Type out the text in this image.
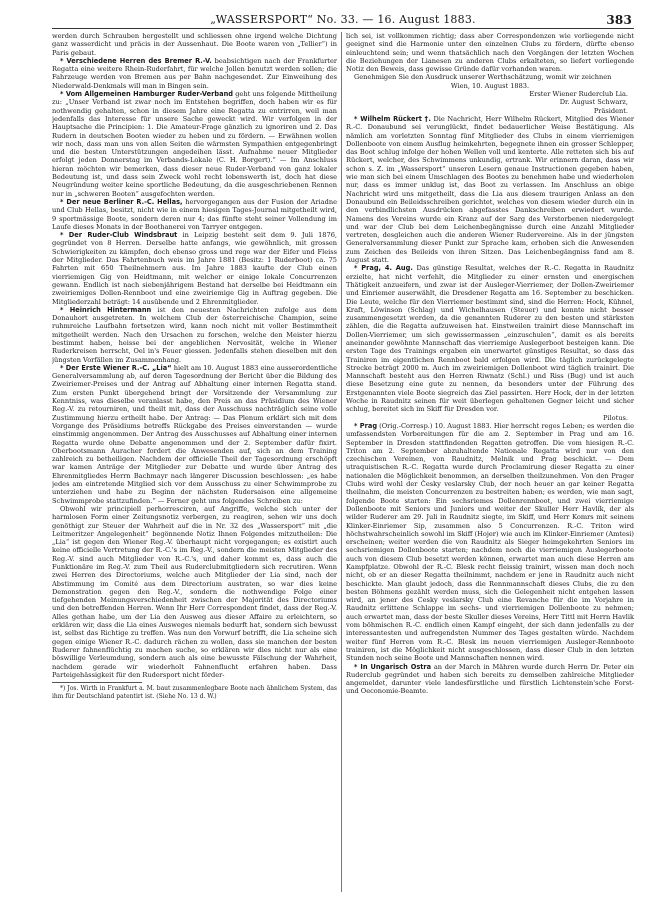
„WASSERSPORT“ No. 33. — 16. August 1883.	383

werden durch Schrauben hergestellt und schliessen ohne irgend welche Dichtung ganz wasserdicht und präcis in der Aussenhaut. Die Boote waren von „Tellier“) in Paris gebaut.

* Verschiedene Herren des Bremer R.-V. beabsichtigen nach der Frankfurter Regatta eine weitere Rhein-Ruderfahrt, für welche Jollen benutzt werden sollen; die Fahrzeuge werden von Bremen aus per Bahn nachgesendet. Zur Einweihung des Niederwald-Denkmals will man in Bingen sein.

* Vom Allgemeinen Hamburger Ruder-Verband geht uns folgende Mittheilung zu: „Unser Verband ist zwar noch im Entstehen begriffen, doch haben wir es für nothwendig gehalten, schon in diesem Jahre eine Regatta zu entrirren, weil man jedenfalls das Interesse für unsere Sache geweckt wird. Wir verfolgen in der Hauptsache die Principien: 1. Die Amateur-Frage gänzlich zu ignoriren und 2. Das Rudern in deutschen Booten wieder zu heben und zu fördern. — Erwähnen wollen wir noch, dass man uns von allen Seiten die wärmsten Sympathien entgegenbringt und die besten Unterstützungen angedeihen lässt. Aufnahme neuer Mitglieder erfolgt jeden Donnerstag im Verbands-Lokale (C. H. Borgert).“ — Im Anschluss hieran möchten wir bemerken, dass dieser neue Ruder-Verband von ganz lokaler Bedeutung ist, und dass sein Zweck wohl recht lobenswerth ist, doch hat diese Neugründung weiter keine sportliche Bedeutung, da die ausgeschriebenen Rennen nur in „schweren Booten“ ausgefochten werden.

* Der neue Berliner R.-C. Hellas, hervorgegangen aus der Fusion der Ariadne und Club Hellas, besitzt, nicht wie in einem hiesigen Tages-Journal mitgetheilt wird, 9 sportmässige Boote, sondern deren nur 4; das fünfte steht seiner Vollendung im Laufe dieses Monats in der Boothanerei von Tarryer entgegen.

* Der Ruder-Club Windsbraut in Leipzig besteht seit dem 9. Juli 1876, gegründet von 8 Herren. Derselbe hatte anfangs, wie gewöhnlich, mit grossen Schwierigkeiten zu kämpfen, doch ebenso gross und rege war der Eifer und Fleiss der Mitglieder. Das Fahrtenbuch weis im Jahre 1881 (Besitz: 1 Ruderboot) ca. 75 Fahrten mit 650 Theilnehmern aus. Im Jahre 1883 kaufte der Club einen vierriemigen Gig von Heidtmann, mit welcher er einige lokale Concurrenzen gewann. Endlich ist nach siebenjährigem Bestand hat derselbe bei Heidtmann ein zweiriemiges Dollen-Rennboot und eine zweiriemige Gig in Auftrag gegeben. Die Mitgliederzahl beträgt: 14 ausübende und 2 Ehrenmitglieder.

* Heinrich Hintermann ist den neuesten Nachrichten zufolge aus dem Donauhort ausgetreten. In welchem Club der österreichische Champion, seine ruhmreiche Laufbahn fortsetzen wird, kann noch nicht mit voller Bestimmtheit mitgetheilt werden. Nach den Ursachen zu forschen, welche den Meister hierzu bestimmt haben, heisse bei der angeblichen Nervosität, welche in Wiener Ruderkreisen herrscht, Oel in's Feuer giessen. Jedenfalls stehen dieselben mit den jüngsten Vorfällen im Zusammenhang.

* Der Erste Wiener R.-C. „Lia“ hielt am 10. August 1883 eine ausserordentliche Generalversammlung ab, auf deren Tagesordnung der Bericht über die Bildung des Zweiriemer-Preises und der Antrag auf Abhaltung einer internen Regatta stand. Zum ersten Punkt übergehend bringt der Vorsitzende der Versammlung zur Kenntniss, was dieselbe veranlasst habe, den Preis an das Präsidium des Wiener Reg.-V. zu retourniren, und theilt mit, dass der Ausschuss nachträglich seine volle Zustimmung hierzu ertheilt habe. Der Antrag: — Das Plenum erklärt sich mit dem Vorgange des Präsidiums betreffs Rückgabe des Preises einverstanden — wurde einstimmig angenommen. Der Antrag des Ausschusses auf Abhaltung einer internen Regatta wurde ohne Debatte angenommen und der 2. September dafür fixirt. Oberbootsmann Auracher fordert die Anwesenden auf, sich an dem Training zahlreich zu betheiligen. Nachdem der officielle Theil der Tagesordnung erschöpft war kamen Anträge der Mitglieder zur Debatte und wurde über Antrag des Ehrenmitgliedes Herrn Bachmayr nach längerer Discussion beschlossen: „es habe jedes am eintretende Mitglied sich vor dem Ausschuss zu einer Schwimmprobe zu unterziehen und habe zu Beginn der nächsten Rudersaison eine allgemeine Schwimmprobe stattzufinden.“ — Ferner geht uns folgendes Schreiben zu:

Obwohl wir principiell perhorresciren, auf Angriffe, welche sich unter der harmlosen Form einer Zeitungsnotiz verbergen, zu reagiren, sehen wir uns doch genöthigt zur Steuer der Wahrheit auf die in Nr. 32 des „Wassersport“ mit „die Leitmeritzer Angelegenheit“ begönnende Notiz Ihnen Folgendes mitzutheilen: Die „Lia“ ist gegen den Wiener Reg.-V. überhaupt nicht vorgegangen; es existirt auch keine officielle Vertretung der R.-C.'s im Reg.-V., sondern die meisten Mitglieder des Reg.-V. sind auch Mitglieder von R.-C.'s, und daher kommt es, dass auch die Funktionäre im Reg.-V. zum Theil aus Ruderclubmitgliedern sich recrutiren. Wenn zwei Herren des Directoriums, welche auch Mitglieder der Lia sind, nach der Abstimmung im Comité aus dem Directorium austraten, so war dies keine Demonstration gegen den Reg.-V., sondern die nothwendige Folge einer tiefgehenden Meinungsverschiedenheit zwischen der Majorität des Directoriums und den betreffenden Herren. Wenn Ihr Herr Correspondent findet, dass der Reg.-V. Alles gethan habe, um der Lia den Ausweg aus dieser Affaire zu erleichtern, so erklären wir, dass die Lia eines Ausweges niemals bedurft hat, sondern sich bewusst ist, selbst das Richtige zu treffen. Was nun den Vorwurf betrifft, die Lia scheine sich gegen einige Wiener R.-C. dadurch rächen zu wollen, dass sie manchen der besten Ruderer fahnenflüchtig zu machen suche, so erklären wir dies nicht nur als eine böswillige Verleumdung, sondern auch als eine bewusste Fälschung der Wahrheit, nachdem gerade wir wiederholt Fahnenflucht erfahren haben. Dass Parteigehässigkeit für den Rudersport nicht förder-

*) Jos. Wirth in Frankfurt a. M. baut zusammenlegbare Boote nach ähnlichem System, das ihm für Deutschland patentirt ist. (Siehe No. 13 d. W.)

lich sei, ist vollkommen richtig; dass aber Correspondenzen wie vorliegende nicht geeignet sind die Harmonie unter den einzelnen Clubs zu fördern, dürfte ebenso einleuchtend sein; und wenn thatsächlich nach den Vorgängen der letzten Wochen die Beziehungen der Lianesen zu anderen Clubs erkalteten, so liefert vorliegende Notiz den Beweis, dass gewisse Gründe dafür vorhanden waren.

Genehmigen Sie den Ausdruck unserer Werthschätzung, womit wir zeichnen

Wien, 10. August 1883.

Erster Wiener Ruderclub Lia.

Dr. August Schwarz,

Präsident.

* Wilhelm Rückert †. Die Nachricht, Herr Wilhelm Rückert, Mitglied des Wiener R.-C. Donaubund sei verunglückt, findet bedauerlicher Weise Bestätigung. Als nämlich am vorletzten Sonntag fünf Mitglieder des Clubs in einem vierriemigen Dollenboote von einem Ausflug heimkehrten, begegnete ihnen ein grosser Schlepper, das Boot schlug infolge der hohen Wellen voll und kenterte. Alle retteten sich bis auf Rückert, welcher, des Schwimmens unkundig, ertrank. Wir erinnern daran, dass wir schon s. Z. im „Wassersport“ unseren Lesern genaue Instructionen gegeben haben, wie man sich bei einem Umschlagen des Bootes zu benehmen habe und wiederholen nur, dass es immer unklug ist, das Boot zu verlassen. Im Anschluss an obige Nachricht wird uns mitgetheilt, dass die Lia aus diesem traurigen Anlass an den Donaubund ein Beileidsschreiben gerichtet, welches von diesem wieder durch ein in den verbindlichsten Ausdrücken abgefasstes Dankschreiben erwiedert wurde. Namens des Vereins wurde ein Kranz auf der Sarg des Verstorbenen niedergelegt und war der Club bei dem Leichenbegängnisse durch eine Anzahl Mitglieder vertreten, desgleichen auch die anderen Wiener Rudervereine. Als in der jüngsten Generalversammlung dieser Punkt zur Sprache kam, erhoben sich die Anwesenden zum Zeichen des Beileids von ihren Sitzen. Das Leichenbegängniss fand am 8. August statt.

* Prag, 4. Aug. Das günstige Resultat, welches der R.-C. Regatta in Raudnitz erzielte, hat nicht verfehlt, die Mitglieder zu einer ernsten und energischen Thätigkeit anzueifern, und zwar ist der Ausleger-Vierriemer, der Dollen-Zweiriemer und Einriemer auserwählt, die Dresdener Regatta am 16. September zu beschicken. Die Leute, welche für den Vierriemer bestimmt sind, sind die Herren: Hock, Kühnel, Kraft, Löwinson (Schlag) und Wichelhausen (Steuer) und konnte nicht besser zusammengesetzt werden, da die genannten Ruderer zu den besten und stärksten zählen, die die Regatta aufzuweisen hat. Einstweilen trainirt diese Mannschaft im Dollen-Vierriemer, um sich gewissermassen „einzuschulen“, damit es als bereits aneinander gewöhnte Mannschaft das vierriemige Auslegerboot besteigen kann. Die ersten Tage des Trainings ergaben ein unerwartet günstiges Resultat, so dass das Trainiren im eigentlichen Rennboot bald erfolgen wird. Die täglich zurückgelegte Strecke beträgt 2000 m. Auch im zweiriemigen Dollenboot wird täglich trainirt. Die Mannschaft besteht aus den Herren Riwnatz (Schl.) und Riss (Bug) und ist auch diese Besetzung eine gute zu nennen, da besonders unter der Führung des Erstgenannten viele Boote siegreich das Ziel passirten. Herr Hock, der in der letzten Woche in Raudnitz seinen für weit überlegen gehaltenen Gegner leicht und sicher schlug, bereitet sich im Skiff für Dresden vor.

Pilotus.

* Prag (Orig.-Corresp.) 10. August 1883. Hier herrscht reges Leben; es werden die umfassendsten Vorbereitungen für die am 2. September in Prag und am 16. September in Dresden stattfindenden Regatten getroffen. Die vom hiesigen R.-C. Triton am 2. September abzuhaltende Nationale Regatta wird nur von den czechischen Vereinen, von Raudnitz, Melnik und Prag beschickt. — Dem utraquistischen R.-C. Regatta wurde durch Proclamirung dieser Regatta zu einer nationalen die Möglichkeit benommen, an derselben theilzunehmen. Von den Prager Clubs wird wohl der Česky veslarsky Club, der noch heuer an gar keiner Regatta theilnahm, die meisten Concurrenzen zu bestreiten haben; es werden, wie man sagt, folgende Boote starten: Ein sechsriemes Dollenrennboot, und zwei vierriemige Dollenboote mit Seniors und Juniors und weiter der Skuller Herr Havlík, der als wilder Ruderer am 29. Juli in Raudnitz siegte, im Skiff, und Herr Komrs mit seinem Klinker-Einriemer Sip, zusammen also 5 Concurrenzen. R.-C. Triton wird höchstwahrscheinlich sowohl im Skiff (Hojer) wie auch im Klinker-Einriemer (Amtesi) erscheinen; weiter werden die von Raudnitz als Sieger heimgekehrten Seniors im sechsriemigen Dollenboote starten; nachdem noch die vierriemigen Auslegerboote auch von diesem Club besetzt werden können, erwartet man auch diese Herren am Kampfplatze. Obwohl der R.-C. Blesk recht fleissig trainirt, wissen man doch noch nicht, ob er an dieser Regatta theilnimmt, nachdem er jene in Raudnitz auch nicht beschickte. Man glaubt jedoch, dass die Rennmannschaft dieses Clubs, die zu den besten Böhmens gezählt werden muss, sich die Gelegenheit nicht entgehen lassen wird, an jener des Cesky veslarsky Club eine Revanche für die im Vorjahre in Raudnitz erlittene Schlappe im sechs- und vierriemigen Dollenboote zu nehmen; auch erwartet man, dass der beste Skuller dieses Vereins, Herr Tittl mit Herrn Havlik vom böhmischen R.-C. endlich einen Kampf eingeht, der sich dann jedenfalls zu der interessantesten und aufregendsten Nummer des Tages gestalten würde. Nachdem weiter fünf Herren vom R.-C. Blesk im neuen vierriemigen Ausleger-Rennboote trainiren, ist die Möglichkeit nicht ausgeschlossen, dass dieser Club in den letzten Stunden noch seine Boote und Mannschaften nennen wird.

* In Ungarisch Ostra an der March in Mähren wurde durch Herrn Dr. Peter ein Ruderclub gegründet und haben sich bereits zu demselben zahlreiche Mitglieder angemeldet, darunter viele landesfürstliche und fürstlich Lichtenstein'sche Forst- und Oeconomie-Beamte.
